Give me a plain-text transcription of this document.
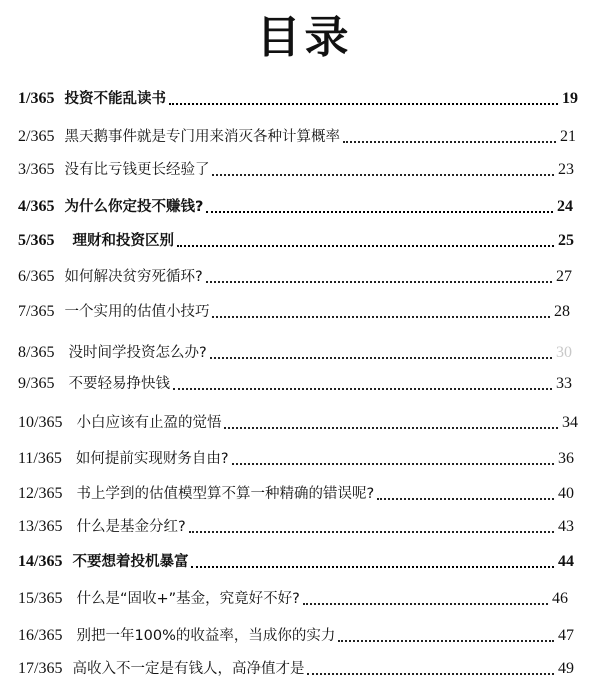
目录
1/365 投资不能乱读书	19
2/365 黑天鹅事件就是专门用来消灭各种计算概率	21
3/365 没有比亏钱更长经验了	23
4/365 为什么你定投不赚钱?	24
5/365 理财和投资区别	25
6/365 如何解决贫穷死循环?	27
7/365 一个实用的估值小技巧	28
8/365 没时间学投资怎么办?	30
9/365 不要轻易挣快钱	33
10/365 小白应该有止盈的觉悟	34
11/365 如何提前实现财务自由?	36
12/365 书上学到的估值模型算不算一种精确的错误呢?	40
13/365 什么是基金分红?	43
14/365 不要想着投机暴富	44
15/365 什么是“固收+”基金，究竟好不好?	46
16/365 别把一年100%的收益率，当成你的实力	47
17/365 高收入不一定是有钱人，高净值才是	49
